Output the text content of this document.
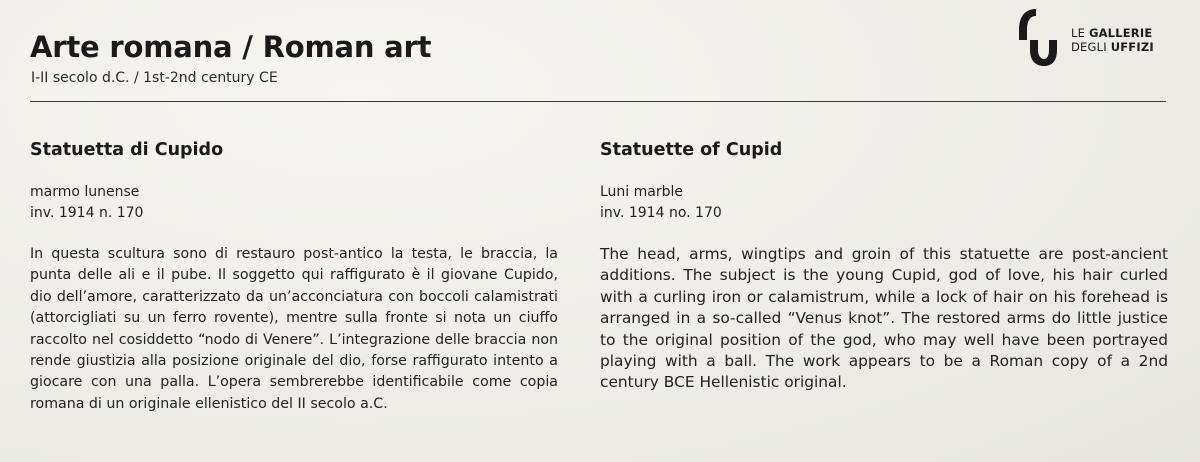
Arte romana / Roman art

I-II secolo d.C. / 1st-2nd century CE

LE GALLERIE
DEGLI UFFIZI
Statuetta di Cupido
marmo lunense
inv. 1914 n. 170

In questa scultura sono di restauro post-antico la testa, le braccia, la punta delle ali e il pube. Il soggetto qui raffigurato è il giovane Cupido, dio dell’amore, caratterizzato da un’acconciatura con boccoli calamistrati (attorcigliati su un ferro rovente), mentre sulla fronte si nota un ciuffo raccolto nel cosiddetto “nodo di Venere”. L’integrazione delle braccia non rende giustizia alla posizione originale del dio, forse raffigurato intento a giocare con una palla. L’opera sembrerebbe identificabile come copia romana di un originale ellenistico del II secolo a.C.

Statuette of Cupid
Luni marble
inv. 1914 no. 170

The head, arms, wingtips and groin of this statuette are post-ancient additions. The subject is the young Cupid, god of love, his hair curled with a curling iron or calamistrum, while a lock of hair on his forehead is arranged in a so-called “Venus knot”. The restored arms do little justice to the original position of the god, who may well have been portrayed playing with a ball. The work appears to be a Roman copy of a 2nd century BCE Hellenistic original.
